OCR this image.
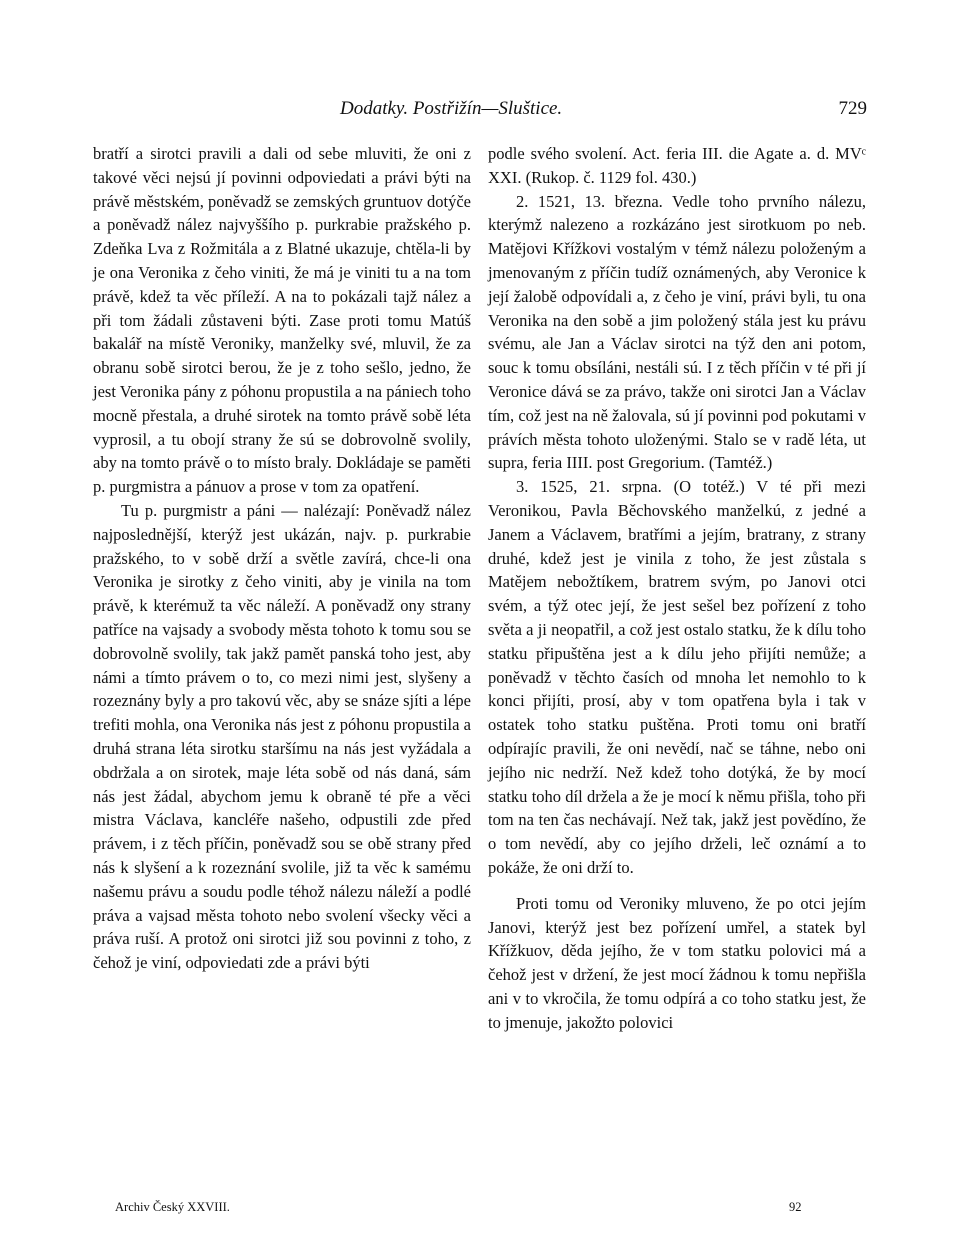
Dodatky. Postřižín—Sluštice.	729

bratří a sirotci pravili a dali od sebe mluviti, že oni z takové věci nejsú jí povinni odpoviedati a právi býti na právě městském, poněvadž se zemských gruntuov dotýče a poněvadž nález najvyššího p. purkrabie pražského p. Zdeňka Lva z Rožmitála a z Blatné ukazuje, chtěla-li by je ona Veronika z čeho viniti, že má je viniti tu a na tom právě, kdež ta věc příleží. A na to pokázali tajž nález a při tom žádali zůstaveni býti. Zase proti tomu Matúš bakalář na místě Veroniky, manželky své, mluvil, že za obranu sobě sirotci berou, že je z toho sešlo, jedno, že jest Veronika pány z póhonu propustila a na pániech toho mocně přestala, a druhé sirotek na tomto právě sobě léta vyprosil, a tu obojí strany že sú se dobrovolně svolily, aby na tomto právě o to místo braly. Dokládaje se paměti p. purgmistra a pánuov a prose v tom za opatření.

Tu p. purgmistr a páni — nalézají: Poněvadž nález najposlednější, kterýž jest ukázán, najv. p. purkrabie pražského, to v sobě drží a světle zavírá, chce-li ona Veronika je sirotky z čeho viniti, aby je vinila na tom právě, k kterémuž ta věc náleží. A poněvadž ony strany patříce na vajsady a svobody města tohoto k tomu sou se dobrovolně svolily, tak jakž pamět panská toho jest, aby námi a tímto právem o to, co mezi nimi jest, slyšeny a rozeznány byly a pro takovú věc, aby se snáze sjíti a lépe trefiti mohla, ona Veronika nás jest z póhonu propustila a druhá strana léta sirotku staršímu na nás jest vyžádala a obdržala a on sirotek, maje léta sobě od nás daná, sám nás jest žádal, abychom jemu k obraně té pře a věci mistra Václava, kancléře našeho, odpustili zde před právem, i z těch příčin, poněvadž sou se obě strany před nás k slyšení a k rozeznání svolile, již ta věc k samému našemu právu a soudu podle téhož nálezu náleží a podlé práva a vajsad města tohoto nebo svolení všecky věci a práva ruší. A protož oni sirotci již sou povinni z toho, z čehož je viní, odpoviedati zde a právi býti

podle svého svolení. Act. feria III. die Agate a. d. MVᶜ XXI. (Rukop. č. 1129 fol. 430.)

2. 1521, 13. března. Vedle toho prvního nálezu, kterýmž nalezeno a rozkázáno jest sirotkuom po neb. Matějovi Křížkovi vostalým v témž nálezu položeným a jmenovaným z příčin tudíž oznámených, aby Veronice k její žalobě odpovídali a, z čeho je viní, právi byli, tu ona Veronika na den sobě a jim položený stála jest ku právu svému, ale Jan a Václav sirotci na týž den ani potom, souc k tomu obsíláni, nestáli sú. I z těch příčin v té při jí Veronice dává se za právo, takže oni sirotci Jan a Václav tím, což jest na ně žalovala, sú jí povinni pod pokutami v právích města tohoto uloženými. Stalo se v radě léta, ut supra, feria IIII. post Gregorium. (Tamtéž.)

3. 1525, 21. srpna. (O totéž.) V té při mezi Veronikou, Pavla Běchovského manželkú, z jedné a Janem a Václavem, bratřími a jejím, bratrany, z strany druhé, kdež jest je vinila z toho, že jest zůstala s Matějem nebožtíkem, bratrem svým, po Janovi otci svém, a týž otec její, že jest sešel bez pořízení z toho světa a ji neopatřil, a což jest ostalo statku, že k dílu toho statku připuštěna jest a k dílu jeho přijíti nemůže; a poněvadž v těchto časích od mnoha let nemohlo to k konci přijíti, prosí, aby v tom opatřena byla i tak v ostatek toho statku puštěna. Proti tomu oni bratří odpírajíc pravili, že oni nevědí, nač se táhne, nebo oni jejího nic nedrží. Než kdež toho dotýká, že by mocí statku toho díl držela a že je mocí k němu přišla, toho při tom na ten čas nechávají. Než tak, jakž jest povědíno, že o tom nevědí, aby co jejího drželi, leč oznámí a to pokáže, že oni drží to.

Proti tomu od Veroniky mluveno, že po otci jejím Janovi, kterýž jest bez pořízení umřel, a statek byl Křížkuov, děda jejího, že v tom statku polovici má a čehož jest v držení, že jest mocí žádnou k tomu nepřišla ani v to vkročila, že tomu odpírá a co toho statku jest, že to jmenuje, jakožto polovici

Archiv Český XXVIII.	92
